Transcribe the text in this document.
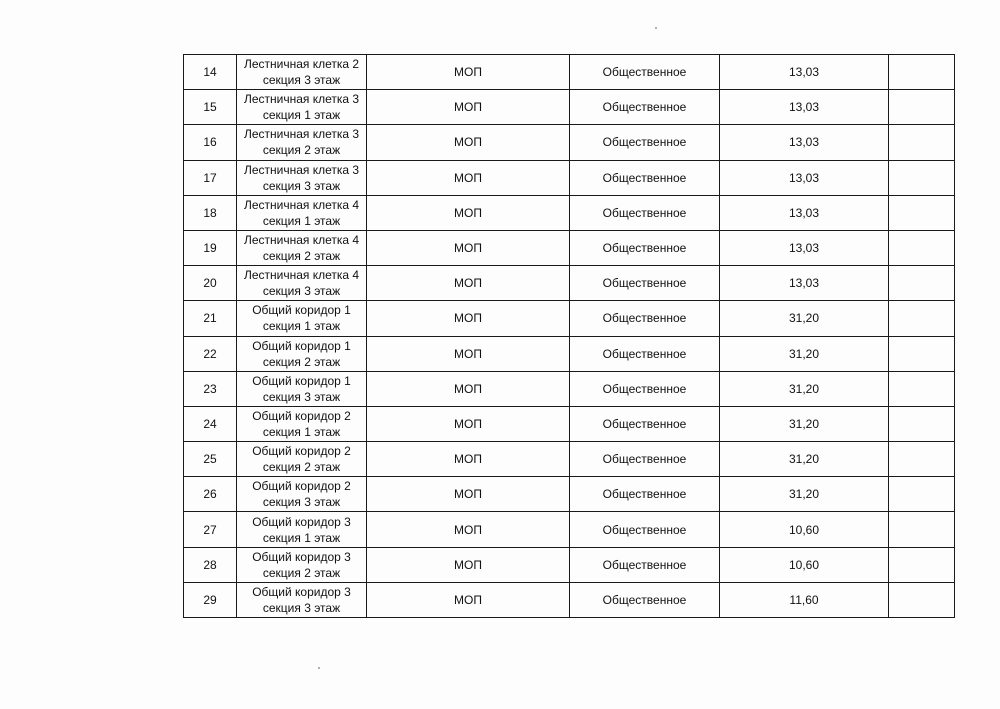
14	Лестничная клетка 2
секция 3 этаж	МОП	Общественное	13,03	
15	Лестничная клетка 3
секция 1 этаж	МОП	Общественное	13,03	
16	Лестничная клетка 3
секция 2 этаж	МОП	Общественное	13,03	
17	Лестничная клетка 3
секция 3 этаж	МОП	Общественное	13,03	
18	Лестничная клетка 4
секция 1 этаж	МОП	Общественное	13,03	
19	Лестничная клетка 4
секция 2 этаж	МОП	Общественное	13,03	
20	Лестничная клетка 4
секция 3 этаж	МОП	Общественное	13,03	
21	Общий коридор 1
секция 1 этаж	МОП	Общественное	31,20	
22	Общий коридор 1
секция 2 этаж	МОП	Общественное	31,20	
23	Общий коридор 1
секция 3 этаж	МОП	Общественное	31,20	
24	Общий коридор 2
секция 1 этаж	МОП	Общественное	31,20	
25	Общий коридор 2
секция 2 этаж	МОП	Общественное	31,20	
26	Общий коридор 2
секция 3 этаж	МОП	Общественное	31,20	
27	Общий коридор 3
секция 1 этаж	МОП	Общественное	10,60	
28	Общий коридор 3
секция 2 этаж	МОП	Общественное	10,60	
29	Общий коридор 3
секция 3 этаж	МОП	Общественное	11,60	
